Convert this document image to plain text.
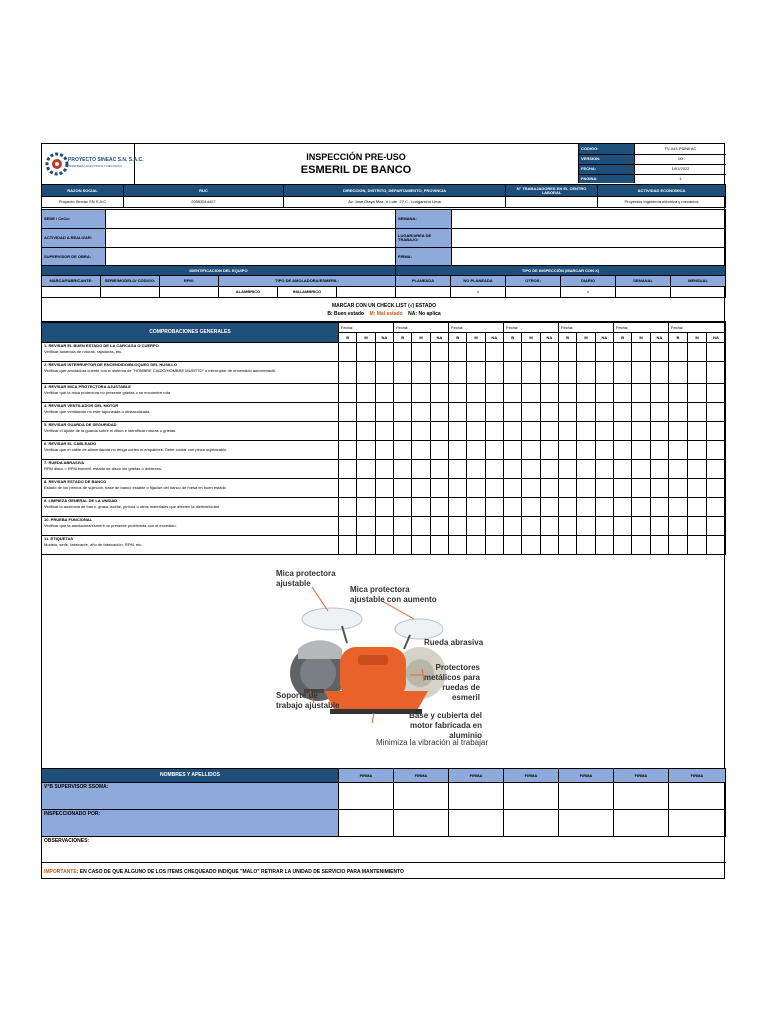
PROYECTO SINEAC S.N. S.A.C.
INGENIERÍA ELÉCTRICA Y MECÁNICA
INSPECCIÓN PRE-USO
ESMERIL DE BANCO
CODIGO:	FV-043-PSINEAC
VERSION:	00
FECHA:	1/01/2022
PAGINA:	1
RAZON SOCIAL	RUC	DIRECCION, DISTRITO, DEPARTAMENTO, PROVINCIA	N° TRABAJADORES EN EL CENTRO LABORAL	ACTIVIDAD ECONOMICA
Proyecto Sineac SN S.A.C	20553514427	Av. Jose Olaya Mza. V Lote. 27 C., Lurigancho Lima		Proyectos Ingeniería eléctrica y mecánica
SEDE / CeCo:		SEMANA:	
ACTIVIDAD A REALIZAR:		LUGAR/AREA DE TRABAJO:	
SUPERVISOR DE OBRA:		FIRMA:	
IDENTIFICACION DEL EQUIPO						TIPO DE INSPECCIÓN (MARCAR CON X)					
MARCA/FABRICANTE:	SERIE/MODELO/ CODIGO:	RPM:	TIPO DE AMOLADORA/ESMERIL:			PLANEADA	NO PLANEADA	OTROS:	DIARIO	SEMANAL	MENSUAL
			ALAMBRICO	INALAMBRICO			x		x		
MARCAR CON UN CHECK LIST (√) ESTADO
B: Buen estado M: Mal estado NA: No aplica
COMPROBACIONES GENERALES	Fecha:			Fecha:			Fecha:			Fecha:			Fecha:			Fecha:			Fecha:		
	B	M	NA	B	M	NA	B	M	NA	B	M	NA	B	M	NA	B	M	NA	B	M	NA
1. REVISAR EL BUEN ESTADO DE LA CARCASA O CUERPO																					
Verificar ausencia de roturas, rajaduras, etc.																					
2. REVISAR INTERRUPTOR DE ENCENDIDO/BLOQUEO DEL HUSILLO																					
Verificar que amoladora cuente con el sistema de "HOMBRE CAIDO/HOMBRE MUERTO" o interruptor de encendido autorretráctil.																					
3. REVISAR MICA PROTECTORA AJUSTABLE																					
Verificar que la mica protectora no presente grietas o se encuentre rota																					
4. REVISAR VENTILADOR DEL MOTOR																					
Verificar que ventilación no este taponeada u obstaculizada.																					
5. REVISAR GUARDA DE SEGURIDAD																					
Verificar el ajuste de la guarda sobre el disco e identificar roturas o grietas.																					
6. REVISAR EL CABLEADO																					
Verificar que el cable de alimentación no tenga cortes ni empalmes. Debe contar con pinza sujetacable.																					
7. RUEDA ABRASIVA																					
RPM disco > RPM esmeril, estado de disco sin grietas o dobleces.																					
8. REVISAR ESTADO DE BANCO																					
Estado de los pernos de sujeción, base de banco estable o fijación del banco de mesa en buen estado																					
9. LIMPIEZA GENERAL DE LA UNIDAD																					
Verificar la ausencia de barro, grasa, aceite, pintura u otros materiales que afecten la dielectricidad.																					
10. PRUEBA FUNCIONAL																					
Verificar que la amoladora/esmeril no presente problemas con el encedido.																					
11. ETIQUETAS																					
Modelo, serie, fabricante, año de fabricación, RPM, etc.																					
Mica protectora ajustable
Mica protectora ajustable con aumento
Rueda abrasiva
Protectores metálicos para ruedas de esmeril
Soporte de trabajo ajustable
Base y cubierta del motor fabricada en aluminio
Minimiza la vibración al trabajar
NOMBRES Y APELLIDOS	FIRMA	FIRMA	FIRMA	FIRMA	FIRMA	FIRMA	FIRMA
V°B SUPERVISOR SSOMA:							
INSPECCIONADO POR:							
OBSERVACIONES:
IMPORTANTE: EN CASO DE QUE ALGUNO DE LOS ITEMS CHEQUEADO INDIQUE "MALO" RETIRAR LA UNIDAD DE SERVICIO PARA MANTENIMIENTO
